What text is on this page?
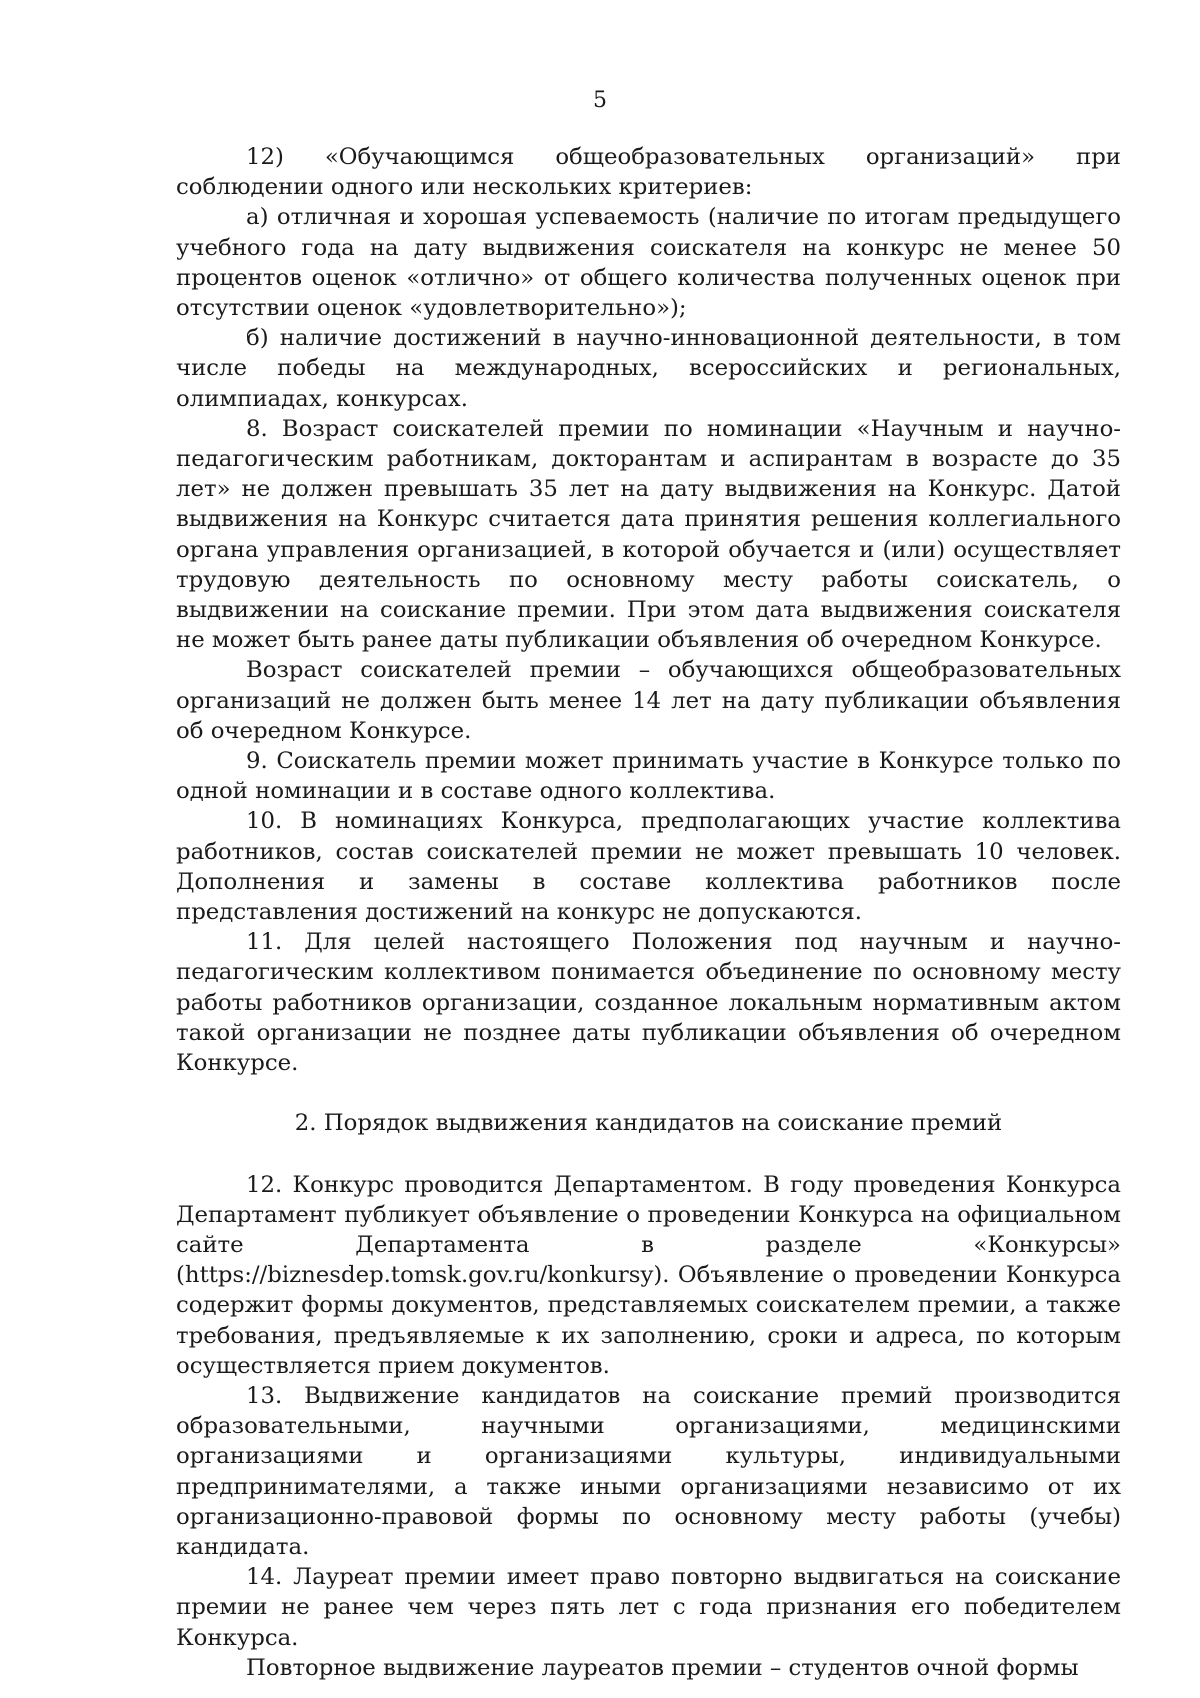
5

12) «Обучающимся общеобразовательных организаций» при соблюдении одного или нескольких критериев:

а) отличная и хорошая успеваемость (наличие по итогам предыдущего учебного года на дату выдвижения соискателя на конкурс не менее 50 процентов оценок «отлично» от общего количества полученных оценок при отсутствии оценок «удовлетворительно»);

б) наличие достижений в научно-инновационной деятельности, в том числе победы на международных, всероссийских и региональных, олимпиадах, конкурсах.

8. Возраст соискателей премии по номинации «Научным и научно-педагогическим работникам, докторантам и аспирантам в возрасте до 35 лет» не должен превышать 35 лет на дату выдвижения на Конкурс. Датой выдвижения на Конкурс считается дата принятия решения коллегиального органа управления организацией, в которой обучается и (или) осуществляет трудовую деятельность по основному месту работы соискатель, о выдвижении на соискание премии. При этом дата выдвижения соискателя не может быть ранее даты публикации объявления об очередном Конкурсе.

Возраст соискателей премии – обучающихся общеобразовательных организаций не должен быть менее 14 лет на дату публикации объявления об очередном Конкурсе.

9. Соискатель премии может принимать участие в Конкурсе только по одной номинации и в составе одного коллектива.

10. В номинациях Конкурса, предполагающих участие коллектива работников, состав соискателей премии не может превышать 10 человек. Дополнения и замены в составе коллектива работников после представления достижений на конкурс не допускаются.

11. Для целей настоящего Положения под научным и научно-педагогическим коллективом понимается объединение по основному месту работы работников организации, созданное локальным нормативным актом такой организации не позднее даты публикации объявления об очередном Конкурсе.

2. Порядок выдвижения кандидатов на соискание премий

12. Конкурс проводится Департаментом. В году проведения Конкурса Департамент публикует объявление о проведении Конкурса на официальном сайте Департамента в разделе «Конкурсы» (https://biznesdep.tomsk.gov.ru/konkursy). Объявление о проведении Конкурса содержит формы документов, представляемых соискателем премии, а также требования, предъявляемые к их заполнению, сроки и адреса, по которым осуществляется прием документов.

13. Выдвижение кандидатов на соискание премий производится образовательными, научными организациями, медицинскими организациями и организациями культуры, индивидуальными предпринимателями, а также иными организациями независимо от их организационно-правовой формы по основному месту работы (учебы) кандидата.

14. Лауреат премии имеет право повторно выдвигаться на соискание премии не ранее чем через пять лет с года признания его победителем Конкурса.

Повторное выдвижение лауреатов премии – студентов очной формы
